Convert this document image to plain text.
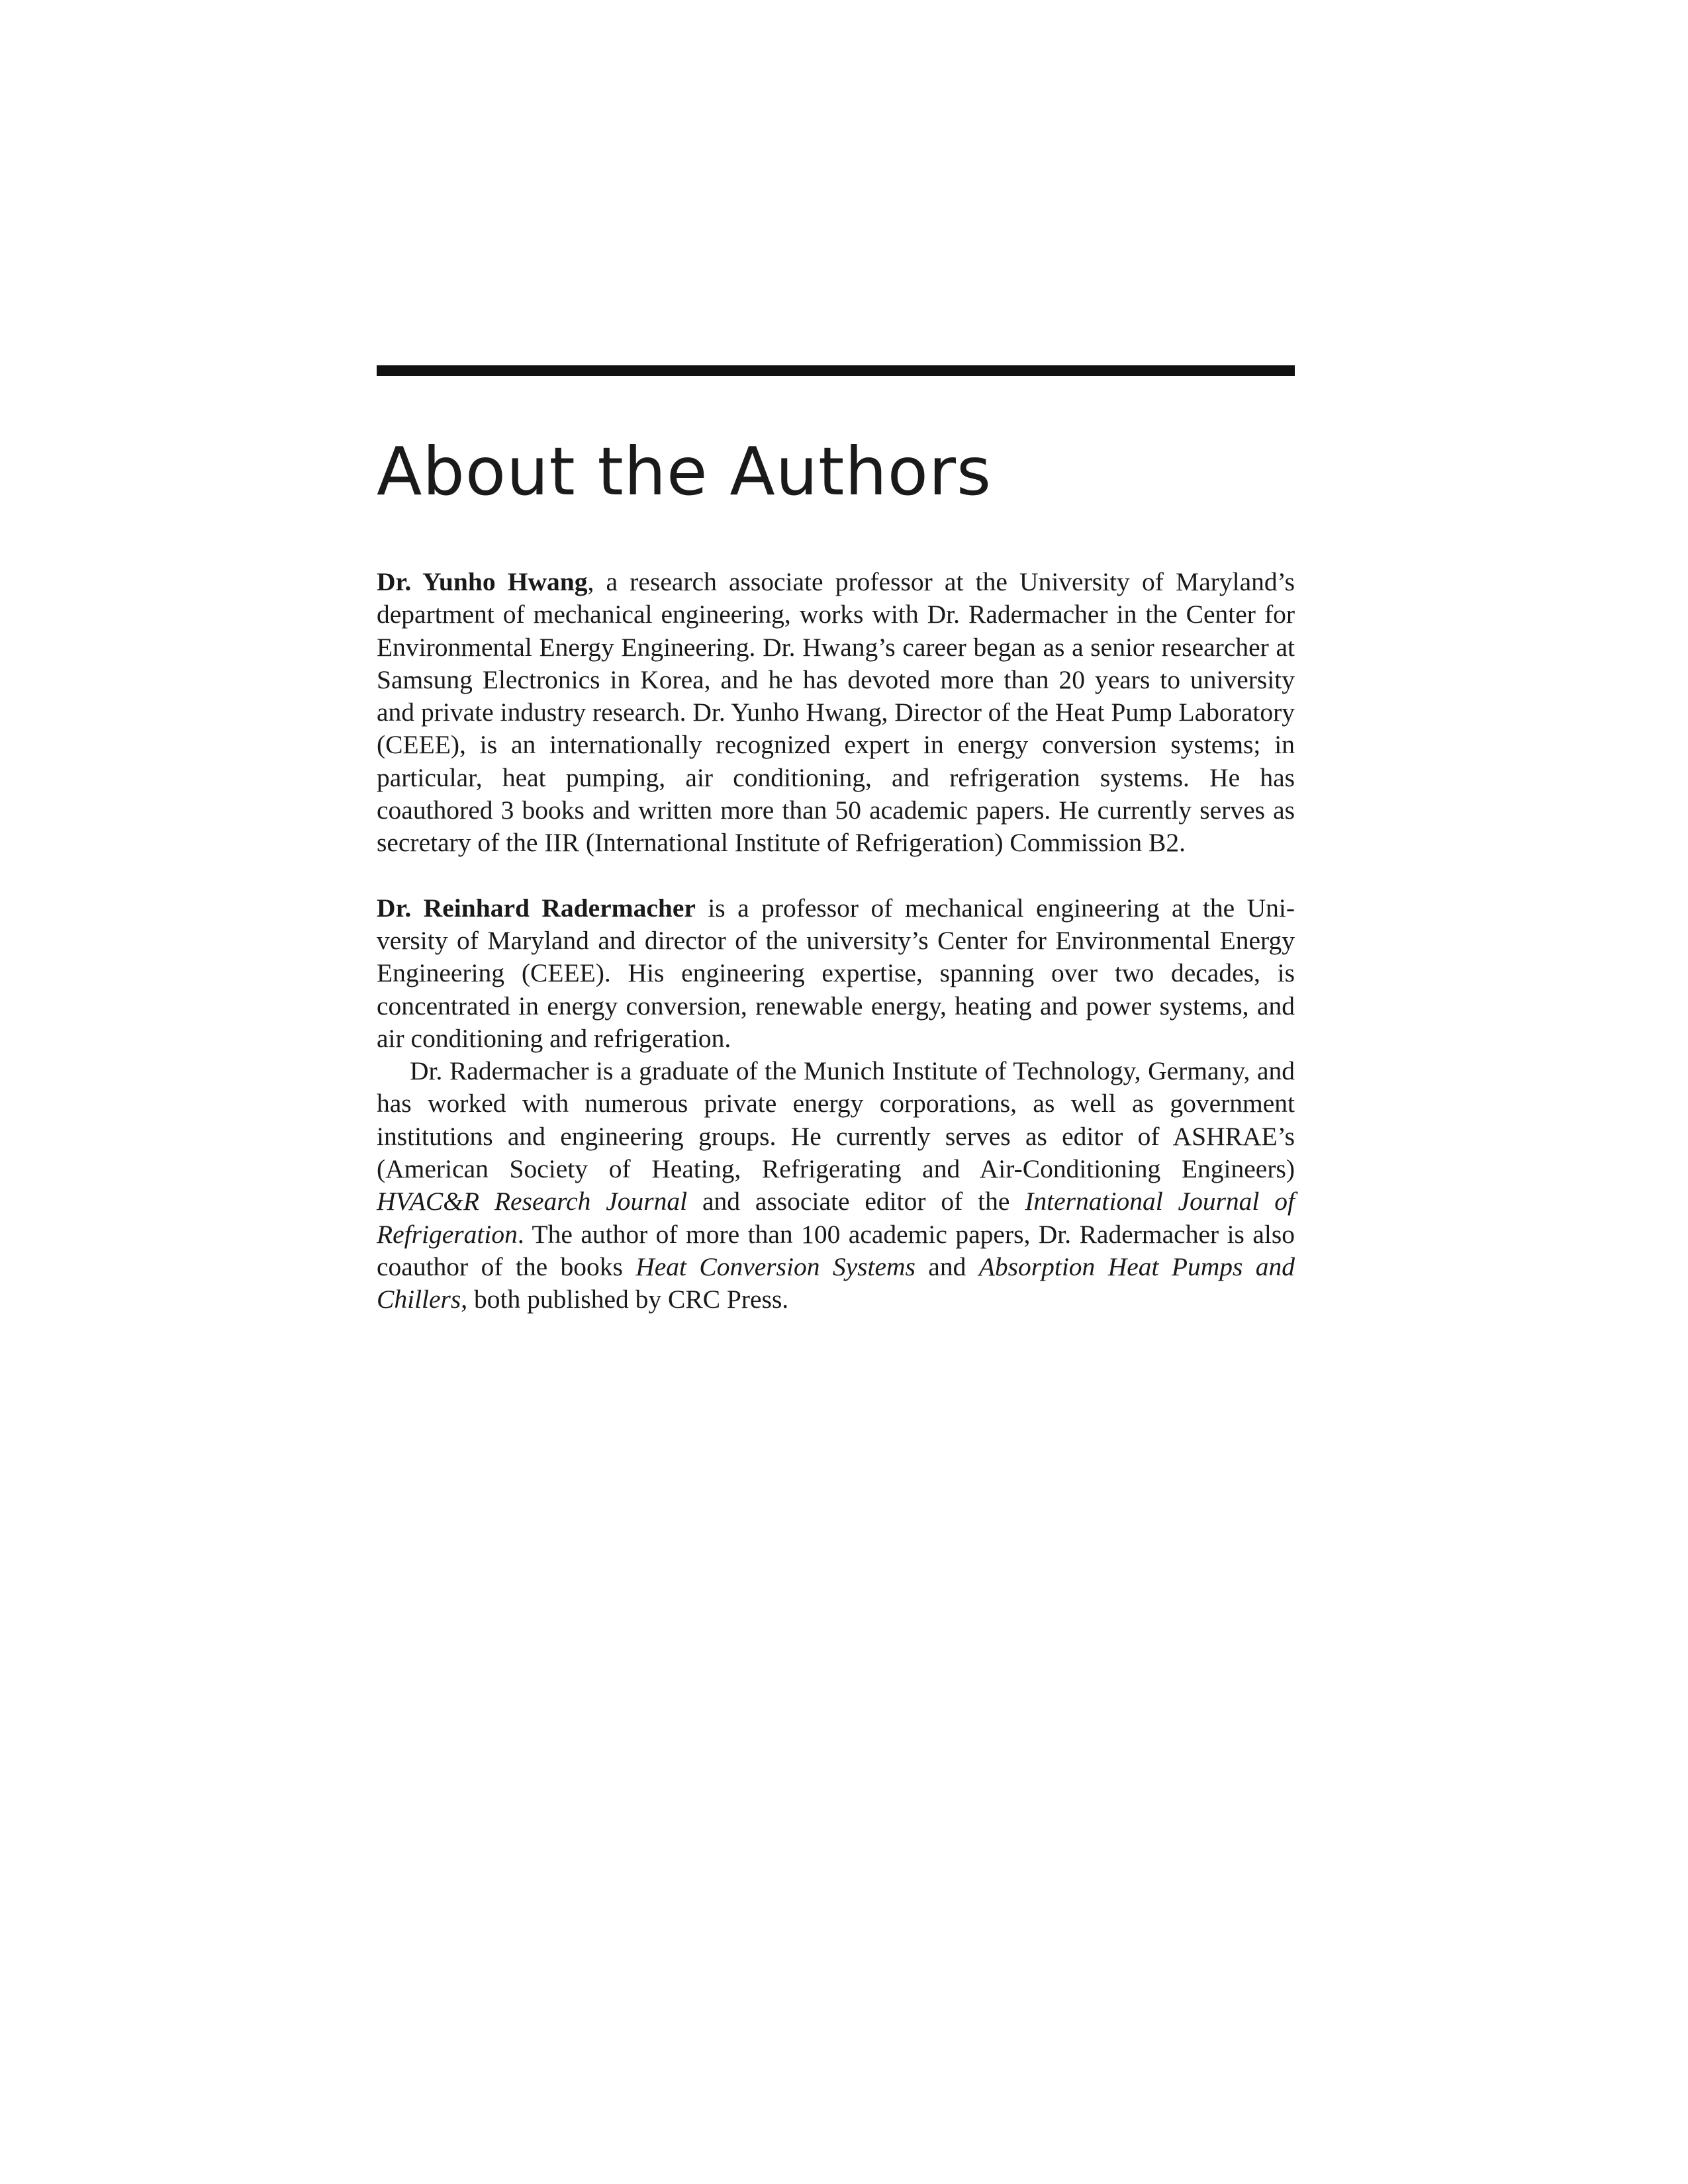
About the Authors

Dr. Yunho Hwang, a research associate professor at the University of Maryland’s department of mechanical engineering, works with Dr. Radermacher in the Center for Environmental Energy Engineering. Dr. Hwang’s career began as a senior researcher at Samsung Electronics in Korea, and he has devoted more than 20 years to university and private industry research. Dr. Yunho Hwang, Director of the Heat Pump Laboratory (CEEE), is an internationally recognized expert in energy conversion systems; in particular, heat pumping, air conditioning, and refrigeration systems. He has coauthored 3 books and written more than 50 academic papers. He currently serves as secretary of the IIR (International Institute of Refrigeration) Commission B2.

Dr. Reinhard Radermacher is a professor of mechanical engineering at the University of Maryland and director of the university’s Center for Environmental Energy Engineering (CEEE). His engineering expertise, spanning over two decades, is concentrated in energy conversion, renewable energy, heating and power systems, and air conditioning and refrigeration.

Dr. Radermacher is a graduate of the Munich Institute of Technology, Germany, and has worked with numerous private energy corporations, as well as government institutions and engineering groups. He currently serves as editor of ASHRAE’s (American Society of Heating, Refrigerating and Air-Conditioning Engineers) HVAC&R Research Journal and associate editor of the International Journal of Refrigeration. The author of more than 100 academic papers, Dr. Radermacher is also coauthor of the books Heat Conversion Systems and Absorption Heat Pumps and Chillers, both published by CRC Press.
